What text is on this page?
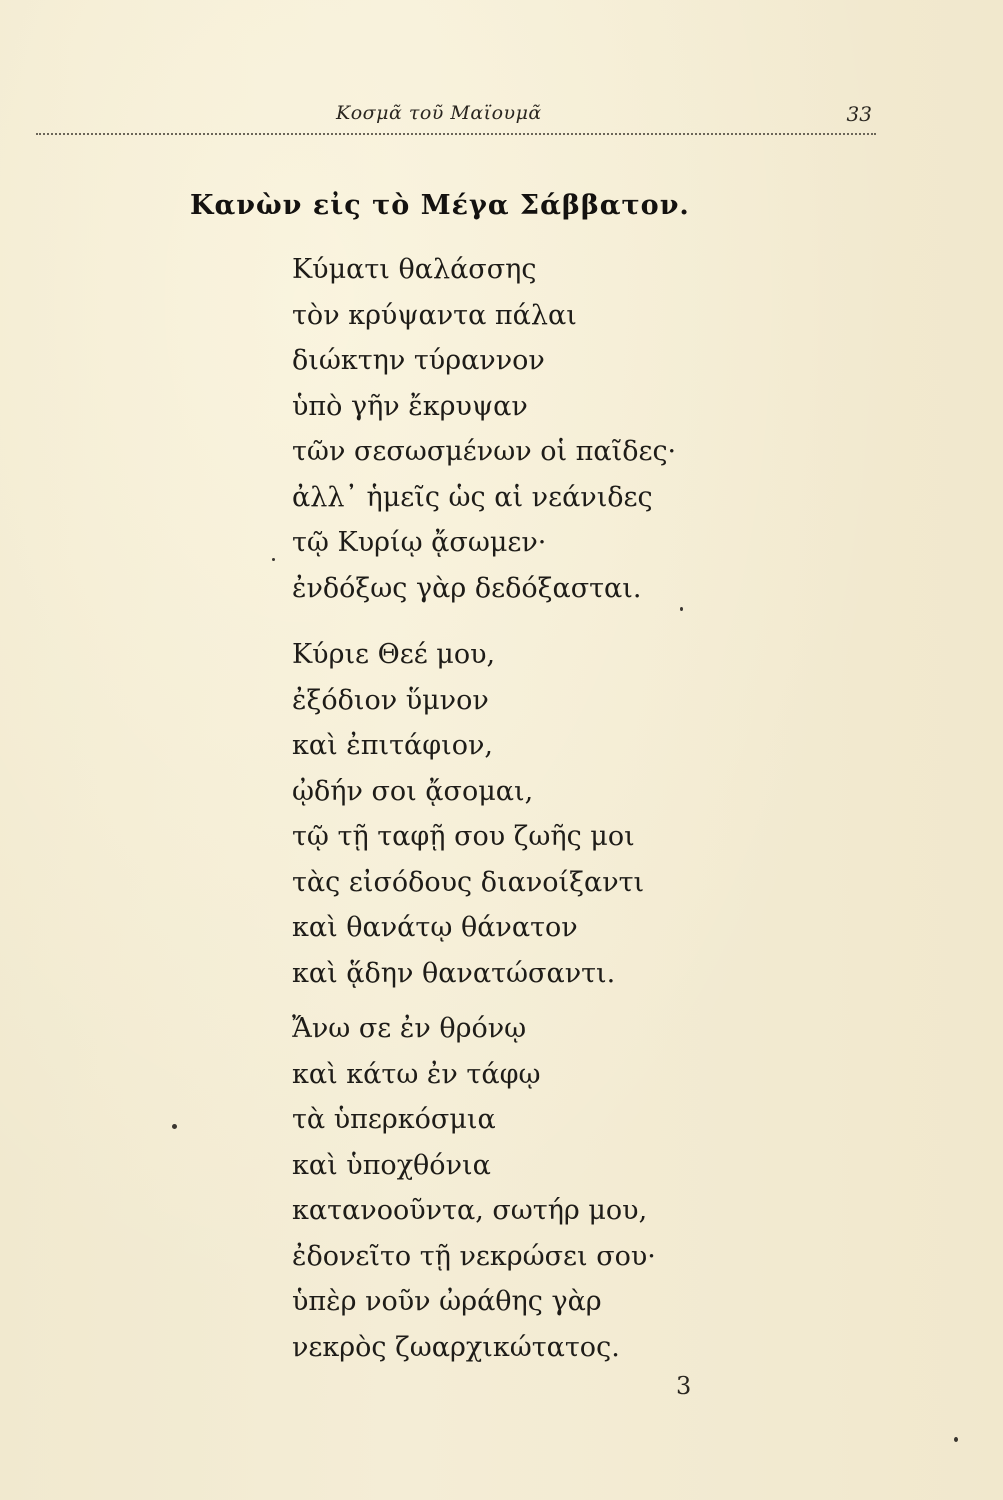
Κοσμᾶ τοῦ Μαϊουμᾶ	33
Κανὼν εἰς τὸ Μέγα Σάββατον.
Κύματι θαλάσσης
τὸν κρύψαντα πάλαι
διώκτην τύραννον
ὑπὸ γῆν ἔκρυψαν
τῶν σεσωσμένων οἱ παῖδες·
ἀλλ᾽ ἡμεῖς ὡς αἱ νεάνιδες
τῷ Κυρίῳ ᾄσωμεν·
ἐνδόξως γὰρ δεδόξασται.
Κύριε Θεέ μου,
ἐξόδιον ὕμνον
καὶ ἐπιτάφιον,
ᾠδήν σοι ᾄσομαι,
τῷ τῇ ταφῇ σου ζωῆς μοι
τὰς εἰσόδους διανοίξαντι
καὶ θανάτῳ θάνατον
καὶ ᾅδην θανατώσαντι.
Ἄνω σε ἐν θρόνῳ
καὶ κάτω ἐν τάφῳ
τὰ ὑπερκόσμια
καὶ ὑποχθόνια
κατανοοῦντα, σωτήρ μου,
ἐδονεῖτο τῇ νεκρώσει σου·
ὑπὲρ νοῦν ὠράθης γὰρ
νεκρὸς ζωαρχικώτατος.
3
